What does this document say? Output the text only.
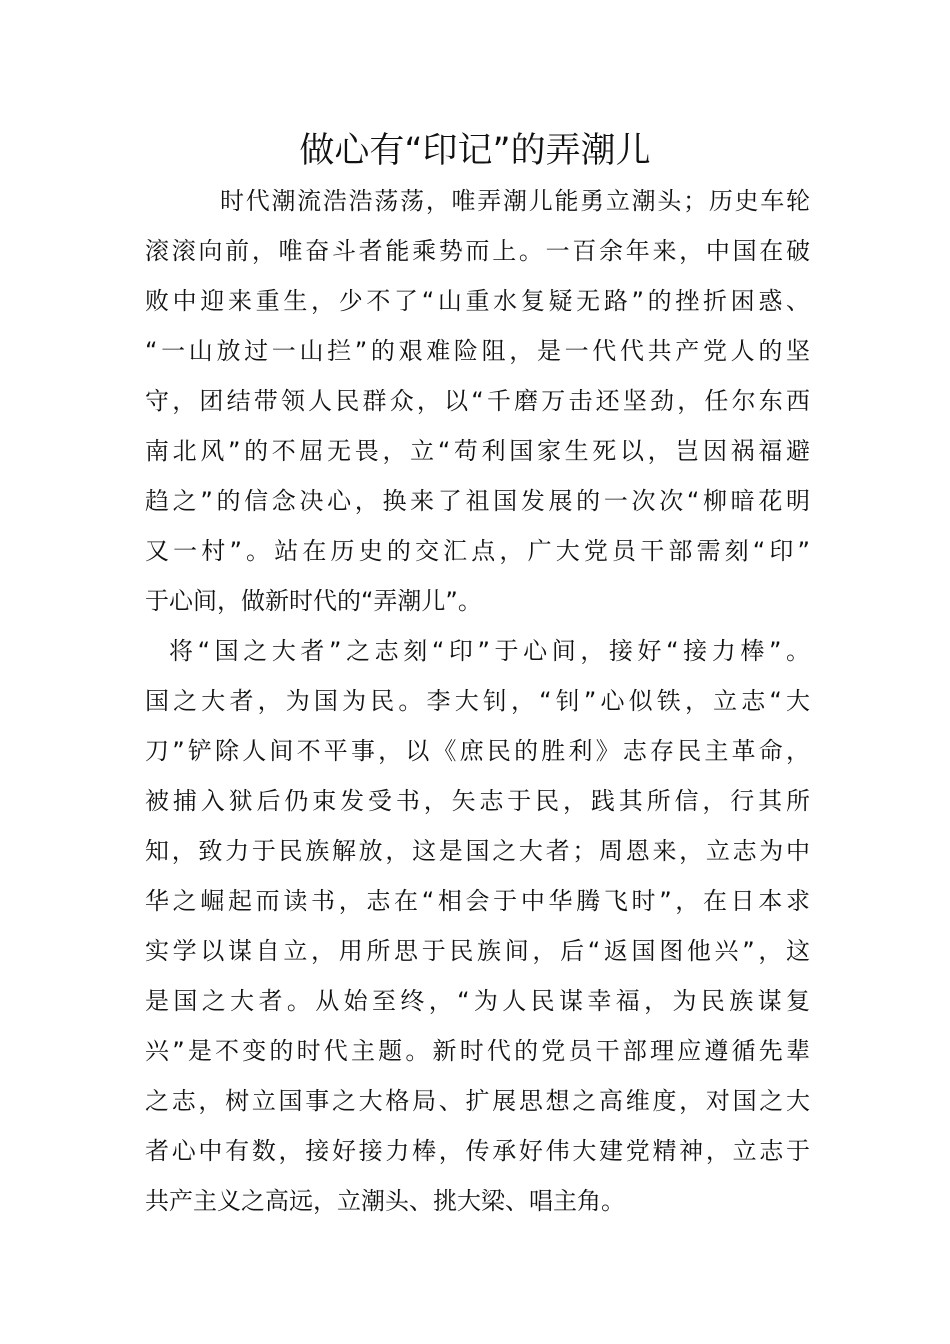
做心有“印记”的弄潮儿
时代潮流浩浩荡荡，唯弄潮儿能勇立潮头；历史车轮
滚滚向前，唯奋斗者能乘势而上。一百余年来，中国在破
败中迎来重生，少不了“山重水复疑无路”的挫折困惑、
“一山放过一山拦”的艰难险阻，是一代代共产党人的坚
守，团结带领人民群众，以“千磨万击还坚劲，任尔东西
南北风”的不屈无畏，立“苟利国家生死以，岂因祸福避
趋之”的信念决心，换来了祖国发展的一次次“柳暗花明
又一村”。站在历史的交汇点，广大党员干部需刻“印”
于心间，做新时代的“弄潮儿”。
将“国之大者”之志刻“印”于心间，接好“接力棒”。
国之大者，为国为民。李大钊，“钊”心似铁，立志“大
刀”铲除人间不平事，以《庶民的胜利》志存民主革命，
被捕入狱后仍束发受书，矢志于民，践其所信，行其所
知，致力于民族解放，这是国之大者；周恩来，立志为中
华之崛起而读书，志在“相会于中华腾飞时”，在日本求
实学以谋自立，用所思于民族间，后“返国图他兴”，这
是国之大者。从始至终，“为人民谋幸福，为民族谋复
兴”是不变的时代主题。新时代的党员干部理应遵循先辈
之志，树立国事之大格局、扩展思想之高维度，对国之大
者心中有数，接好接力棒，传承好伟大建党精神，立志于
共产主义之高远，立潮头、挑大梁、唱主角。
